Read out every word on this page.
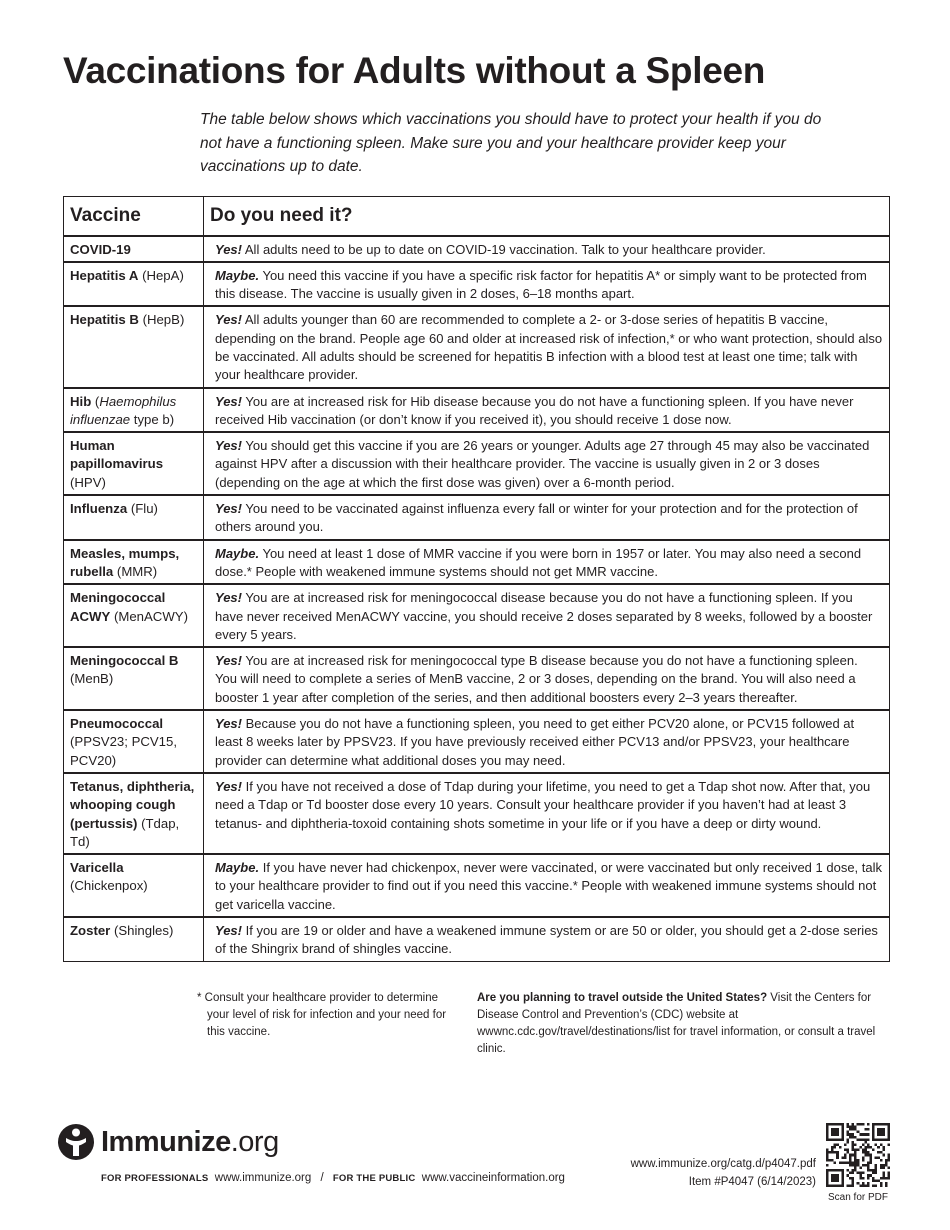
Vaccinations for Adults without a Spleen
The table below shows which vaccinations you should have to protect your health if you do not have a functioning spleen. Make sure you and your healthcare provider keep your vaccinations up to date.
Vaccine	Do you need it?
COVID-19	Yes! All adults need to be up to date on COVID-19 vaccination. Talk to your healthcare provider.
Hepatitis A (HepA)	Maybe. You need this vaccine if you have a specific risk factor for hepatitis A* or simply want to be protected from this disease. The vaccine is usually given in 2 doses, 6–18 months apart.
Hepatitis B (HepB)	Yes! All adults younger than 60 are recommended to complete a 2- or 3-dose series of hepatitis B vaccine, depending on the brand. People age 60 and older at increased risk of infection,* or who want protection, should also be vaccinated. All adults should be screened for hepatitis B infection with a blood test at least one time; talk with your healthcare provider.
Hib (Haemophilus influenzae type b)	Yes! You are at increased risk for Hib disease because you do not have a functioning spleen. If you have never received Hib vaccination (or don’t know if you received it), you should receive 1 dose now.
Human papillomavirus (HPV)	Yes! You should get this vaccine if you are 26 years or younger. Adults age 27 through 45 may also be vaccinated against HPV after a discussion with their healthcare provider. The vaccine is usually given in 2 or 3 doses (depending on the age at which the first dose was given) over a 6-month period.
Influenza (Flu)	Yes! You need to be vaccinated against influenza every fall or winter for your protection and for the protection of others around you.
Measles, mumps, rubella (MMR)	Maybe. You need at least 1 dose of MMR vaccine if you were born in 1957 or later. You may also need a second dose.* People with weakened immune systems should not get MMR vaccine.
Meningococcal ACWY (MenACWY)	Yes! You are at increased risk for meningococcal disease because you do not have a functioning spleen. If you have never received MenACWY vaccine, you should receive 2 doses separated by 8 weeks, followed by a booster every 5 years.
Meningococcal B (MenB)	Yes! You are at increased risk for meningococcal type B disease because you do not have a functioning spleen. You will need to complete a series of MenB vaccine, 2 or 3 doses, depending on the brand. You will also need a booster 1 year after completion of the series, and then additional boosters every 2–3 years thereafter.
Pneumococcal (PPSV23; PCV15, PCV20)	Yes! Because you do not have a functioning spleen, you need to get either PCV20 alone, or PCV15 followed at least 8 weeks later by PPSV23. If you have previously received either PCV13 and/or PPSV23, your healthcare provider can determine what additional doses you may need.
Tetanus, diphtheria, whooping cough (pertussis) (Tdap, Td)	Yes! If you have not received a dose of Tdap during your lifetime, you need to get a Tdap shot now. After that, you need a Tdap or Td booster dose every 10 years. Consult your healthcare provider if you haven’t had at least 3 tetanus- and diphtheria-toxoid containing shots sometime in your life or if you have a deep or dirty wound.
Varicella (Chickenpox)	Maybe. If you have never had chickenpox, never were vaccinated, or were vaccinated but only received 1 dose, talk to your healthcare provider to find out if you need this vaccine.* People with weakened immune systems should not get varicella vaccine.
Zoster (Shingles)	Yes! If you are 19 or older and have a weakened immune system or are 50 or older, you should get a 2-dose series of the Shingrix brand of shingles vaccine.
* Consult your healthcare provider to determine your level of risk for infection and your need for this vaccine.
Are you planning to travel outside the United States? Visit the Centers for Disease Control and Prevention’s (CDC) website at wwwnc.cdc.gov/travel/destinations/list for travel information, or consult a travel clinic.
Immunize.org
FOR PROFESSIONALS www.immunize.org / FOR THE PUBLIC www.vaccineinformation.org
www.immunize.org/catg.d/p4047.pdf
Item #P4047 (6/14/2023)
Scan for PDF
